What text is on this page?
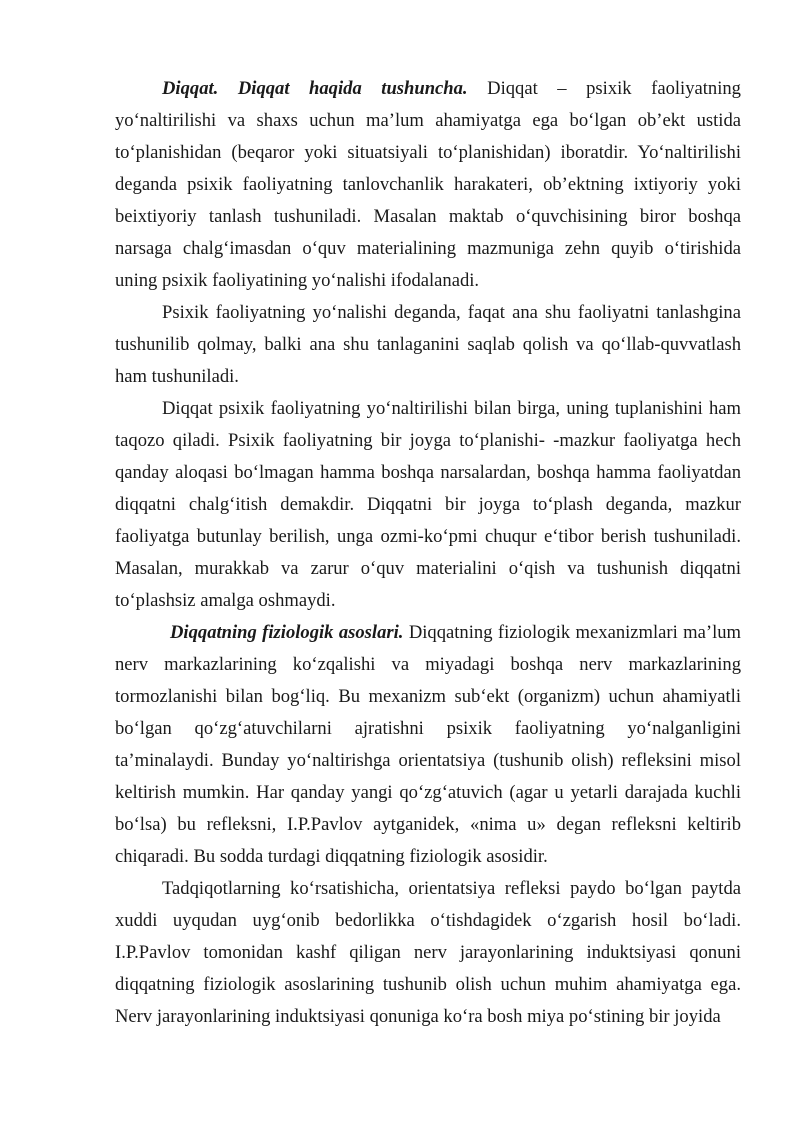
Diqqat. Diqqat haqida tushuncha. Diqqat – psixik faoliyatning yo‘naltirilishi va shaxs uchun ma’lum ahamiyatga ega bo‘lgan ob’ekt ustida to‘planishidan (beqaror yoki situatsiyali to‘planishidan) iboratdir. Yo‘naltirilishi deganda psixik faoliyatning tanlovchanlik harakateri, ob’ektning ixtiyoriy yoki beixtiyoriy tanlash tushuniladi. Masalan maktab o‘quvchisining biror boshqa narsaga chalg‘imasdan o‘quv materialining mazmuniga zehn quyib o‘tirishida uning psixik faoliyatining yo‘nalishi ifodalanadi.

Psixik faoliyatning yo‘nalishi deganda, faqat ana shu faoliyatni tanlashgina tushunilib qolmay, balki ana shu tanlaganini saqlab qolish va qo‘llab-quvvatlash ham tushuniladi.

Diqqat psixik faoliyatning yo‘naltirilishi bilan birga, uning tuplanishini ham taqozo qiladi. Psixik faoliyatning bir joyga to‘planishi- -mazkur faoliyatga hech qanday aloqasi bo‘lmagan hamma boshqa narsalardan, boshqa hamma faoliyatdan diqqatni chalg‘itish demakdir. Diqqatni bir joyga to‘plash deganda, mazkur faoliyatga butunlay berilish, unga ozmi-ko‘pmi chuqur e‘tibor berish tushuniladi. Masalan, murakkab va zarur o‘quv materialini o‘qish va tushunish diqqatni to‘plashsiz amalga oshmaydi.

Diqqatning fiziologik asoslari. Diqqatning fiziologik mexanizmlari ma’lum nerv markazlarining ko‘zqalishi va miyadagi boshqa nerv markazlarining tormozlanishi bilan bog‘liq. Bu mexanizm sub‘ekt (organizm) uchun ahamiyatli bo‘lgan qo‘zg‘atuvchilarni ajratishni psixik faoliyatning yo‘nalganligini ta’minalaydi. Bunday yo‘naltirishga orientatsiya (tushunib olish) refleksini misol keltirish mumkin. Har qanday yangi qo‘zg‘atuvich (agar u yetarli darajada kuchli bo‘lsa) bu refleksni, I.P.Pavlov aytganidek, «nima u» degan refleksni keltirib chiqaradi. Bu sodda turdagi diqqatning fiziologik asosidir.

Tadqiqotlarning ko‘rsatishicha, orientatsiya refleksi paydo bo‘lgan paytda xuddi uyqudan uyg‘onib bedorlikka o‘tishdagidek o‘zgarish hosil bo‘ladi. I.P.Pavlov tomonidan kashf qiligan nerv jarayonlarining induktsiyasi qonuni diqqatning fiziologik asoslarining tushunib olish uchun muhim ahamiyatga ega. Nerv jarayonlarining induktsiyasi qonuniga ko‘ra bosh miya po‘stining bir joyida
